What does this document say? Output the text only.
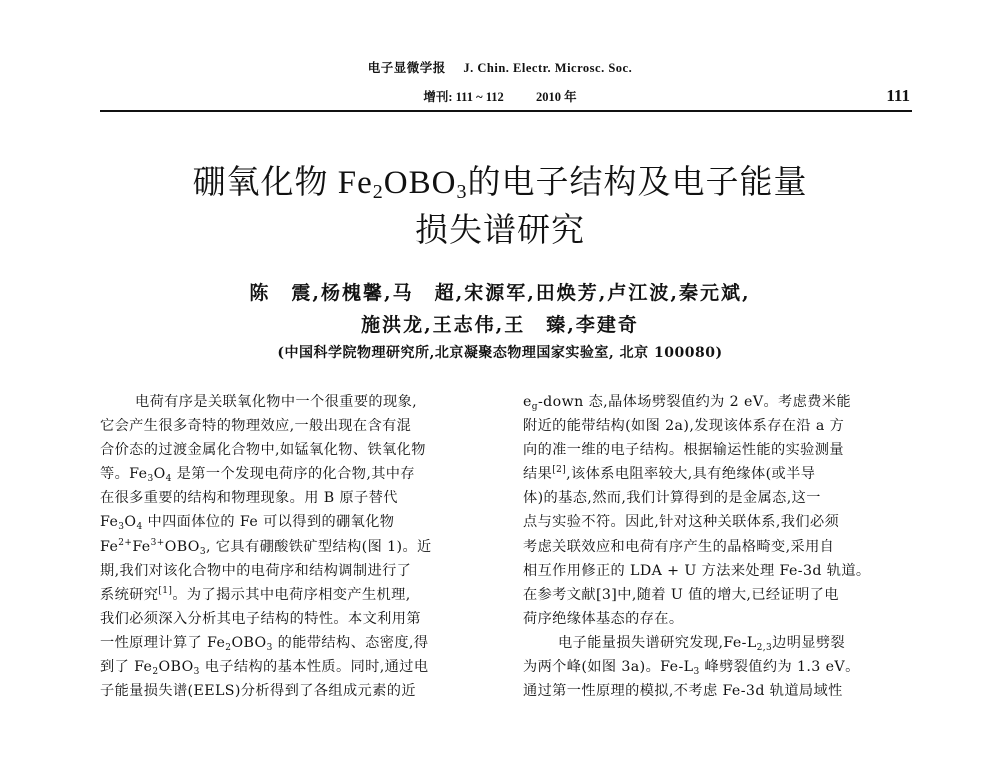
电子显微学报 J. Chin. Electr. Microsc. Soc.
增刊: 111 ~ 112	2010 年	111
硼氧化物 $Fe_2OBO_3$的电子结构及电子能量
损失谱研究
陈　震,杨槐馨,马　超,宋源军,田焕芳,卢江波,秦元斌,
施洪龙,王志伟,王　臻,李建奇
(中国科学院物理研究所,北京凝聚态物理国家实验室, 北京 100080)
电荷有序是关联氧化物中一个很重要的现象,
它会产生很多奇特的物理效应,一般出现在含有混
合价态的过渡金属化合物中,如锰氧化物、铁氧化物
等。$Fe_3O_4$ 是第一个发现电荷序的化合物,其中存
在很多重要的结构和物理现象。用 B 原子替代
$Fe_3O_4$ 中四面体位的 Fe 可以得到的硼氧化物
$Fe^{2+}Fe^{3+}OBO_3$, 它具有硼酸铁矿型结构(图 1)。近
期,我们对该化合物中的电荷序和结构调制进行了
系统研究[1]。为了揭示其中电荷序相变产生机理,
我们必须深入分析其电子结构的特性。本文利用第
一性原理计算了 $Fe_2OBO_3$ 的能带结构、态密度,得
到了 $Fe_2OBO_3$ 电子结构的基本性质。同时,通过电
子能量损失谱(EELS)分析得到了各组成元素的近
$e_g$-down 态,晶体场劈裂值约为 2 eV。考虑费米能
附近的能带结构(如图 2a),发现该体系存在沿 a 方
向的准一维的电子结构。根据输运性能的实验测量
结果[2],该体系电阻率较大,具有绝缘体(或半导
体)的基态,然而,我们计算得到的是金属态,这一
点与实验不符。因此,针对这种关联体系,我们必须
考虑关联效应和电荷有序产生的晶格畸变,采用自
相互作用修正的 LDA + U 方法来处理 Fe-3d 轨道。
在参考文献[3]中,随着 U 值的增大,已经证明了电
荷序绝缘体基态的存在。
电子能量损失谱研究发现$,Fe-L_{2,3}$边明显劈裂
为两个峰(如图 3a)。$Fe-L_3$ 峰劈裂值约为 1.3 eV。
通过第一性原理的模拟,不考虑 Fe-3d 轨道局域性
